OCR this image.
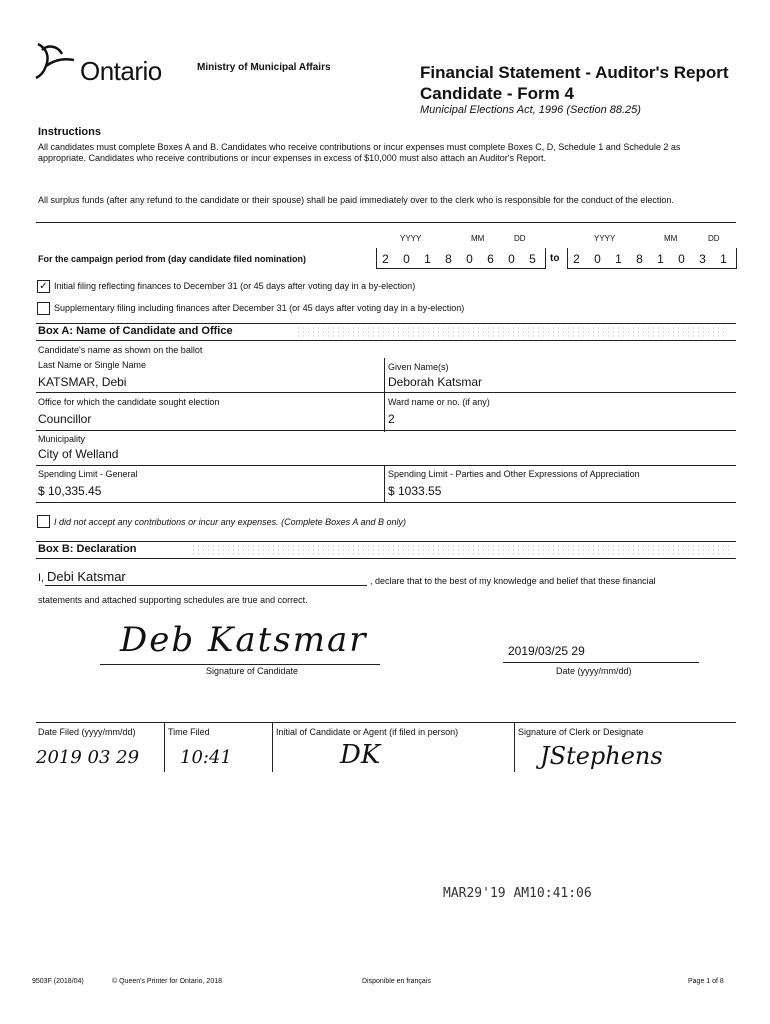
Ontario	Ministry of Municipal Affairs	Financial Statement - Auditor's Report
Candidate - Form 4
Municipal Elections Act, 1996 (Section 88.25)
Instructions
All candidates must complete Boxes A and B. Candidates who receive contributions or incur expenses must complete Boxes C, D, Schedule 1 and Schedule 2 as appropriate. Candidates who receive contributions or incur expenses in excess of $10,000 must also attach an Auditor's Report.
All surplus funds (after any refund to the candidate or their spouse) shall be paid immediately over to the clerk who is responsible for the conduct of the election.
For the campaign period from (day candidate filed nomination)
YYYY	MM	DD	YYYY	MM	DD
2	0	1	8	0	6	0	5	to	2	0	1	8	1	0	3	1
✓ Initial filing reflecting finances to December 31 (or 45 days after voting day in a by-election)
Supplementary filing including finances after December 31 (or 45 days after voting day in a by-election)
Box A: Name of Candidate and Office
Candidate's name as shown on the ballot
Last Name or Single Name
KATSMAR, Debi
Given Name(s)
Deborah Katsmar
Office for which the candidate sought election
Councillor
Ward name or no. (if any)
2
Municipality
City of Welland
Spending Limit - General
$ 10,335.45
Spending Limit - Parties and Other Expressions of Appreciation
$ 1033.55
I did not accept any contributions or incur any expenses. (Complete Boxes A and B only)
Box B: Declaration
I, Debi Katsmar	, declare that to the best of my knowledge and belief that these financial
statements and attached supporting schedules are true and correct.
Deb Katsmar
Signature of Candidate
2019/03/25 29
Date (yyyy/mm/dd)
Date Filed (yyyy/mm/dd)	Time Filed	Initial of Candidate or Agent (if filed in person)	Signature of Clerk or Designate
2019 03 29 10:41	DK	JStephens
MAR29'19 AM10:41:06
9503F (2018/04)	© Queen's Printer for Ontario, 2018	Disponible en français	Page 1 of 8
